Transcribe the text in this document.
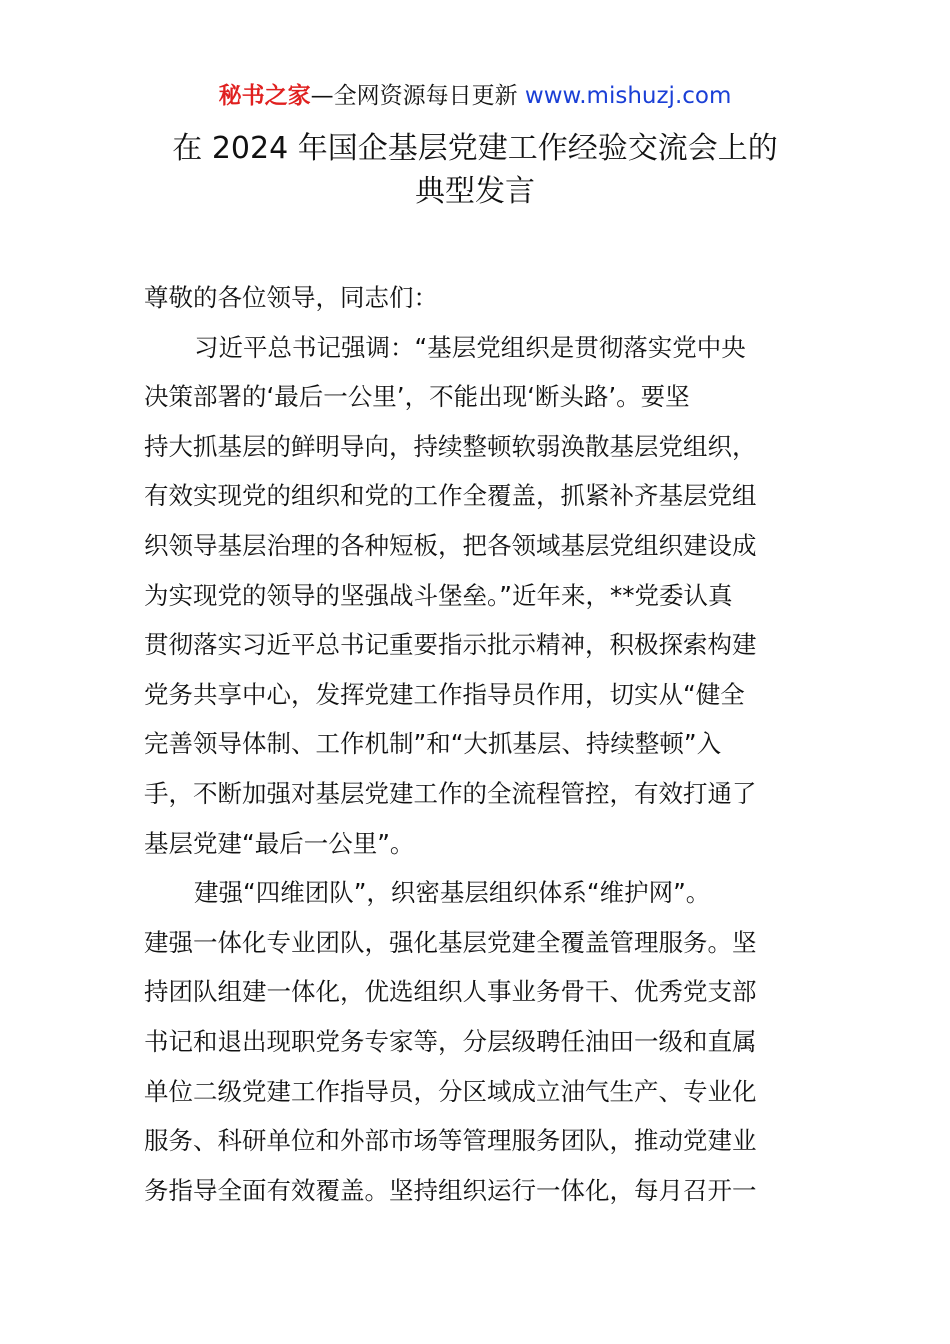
秘书之家—全网资源每日更新 www.mishuzj.com
在 2024 年国企基层党建工作经验交流会上的
典型发言
尊敬的各位领导，同志们：
习近平总书记强调：“基层党组织是贯彻落实党中央
决策部署的‘最后一公里’，不能出现‘断头路’。要坚
持大抓基层的鲜明导向，持续整顿软弱涣散基层党组织，
有效实现党的组织和党的工作全覆盖，抓紧补齐基层党组
织领导基层治理的各种短板，把各领域基层党组织建设成
为实现党的领导的坚强战斗堡垒。”近年来，**党委认真
贯彻落实习近平总书记重要指示批示精神，积极探索构建
党务共享中心，发挥党建工作指导员作用，切实从“健全
完善领导体制、工作机制”和“大抓基层、持续整顿”入
手，不断加强对基层党建工作的全流程管控，有效打通了
基层党建“最后一公里”。
建强“四维团队”，织密基层组织体系“维护网”。
建强一体化专业团队，强化基层党建全覆盖管理服务。坚
持团队组建一体化，优选组织人事业务骨干、优秀党支部
书记和退出现职党务专家等，分层级聘任油田一级和直属
单位二级党建工作指导员，分区域成立油气生产、专业化
服务、科研单位和外部市场等管理服务团队，推动党建业
务指导全面有效覆盖。坚持组织运行一体化，每月召开一
